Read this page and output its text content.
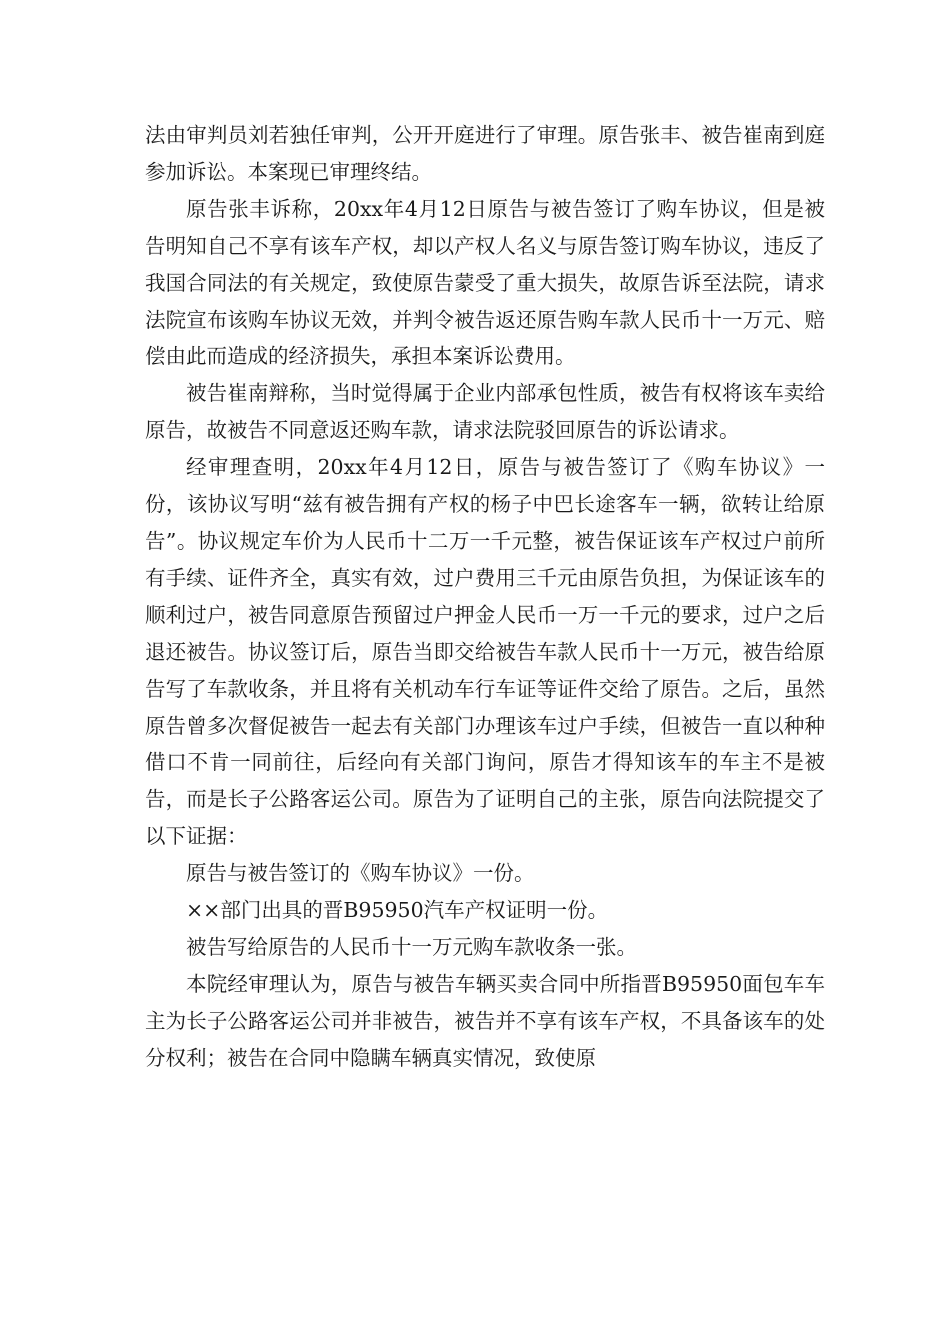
法由审判员刘若独任审判，公开开庭进行了审理。原告张丰、被告崔南到庭参加诉讼。本案现已审理终结。

原告张丰诉称，20xx年4月12日原告与被告签订了购车协议，但是被告明知自己不享有该车产权，却以产权人名义与原告签订购车协议，违反了我国合同法的有关规定，致使原告蒙受了重大损失，故原告诉至法院，请求法院宣布该购车协议无效，并判令被告返还原告购车款人民币十一万元、赔偿由此而造成的经济损失，承担本案诉讼费用。

被告崔南辩称，当时觉得属于企业内部承包性质，被告有权将该车卖给原告，故被告不同意返还购车款，请求法院驳回原告的诉讼请求。

经审理查明，20xx年4月12日，原告与被告签订了《购车协议》一份，该协议写明“兹有被告拥有产权的杨子中巴长途客车一辆，欲转让给原告”。协议规定车价为人民币十二万一千元整，被告保证该车产权过户前所有手续、证件齐全，真实有效，过户费用三千元由原告负担，为保证该车的顺利过户，被告同意原告预留过户押金人民币一万一千元的要求，过户之后退还被告。协议签订后，原告当即交给被告车款人民币十一万元，被告给原告写了车款收条，并且将有关机动车行车证等证件交给了原告。之后，虽然原告曾多次督促被告一起去有关部门办理该车过户手续，但被告一直以种种借口不肯一同前往，后经向有关部门询问，原告才得知该车的车主不是被告，而是长子公路客运公司。原告为了证明自己的主张，原告向法院提交了以下证据：

原告与被告签订的《购车协议》一份。

××部门出具的晋B95950汽车产权证明一份。

被告写给原告的人民币十一万元购车款收条一张。

本院经审理认为，原告与被告车辆买卖合同中所指晋B95950面包车车主为长子公路客运公司并非被告，被告并不享有该车产权，不具备该车的处分权利；被告在合同中隐瞒车辆真实情况，致使原
